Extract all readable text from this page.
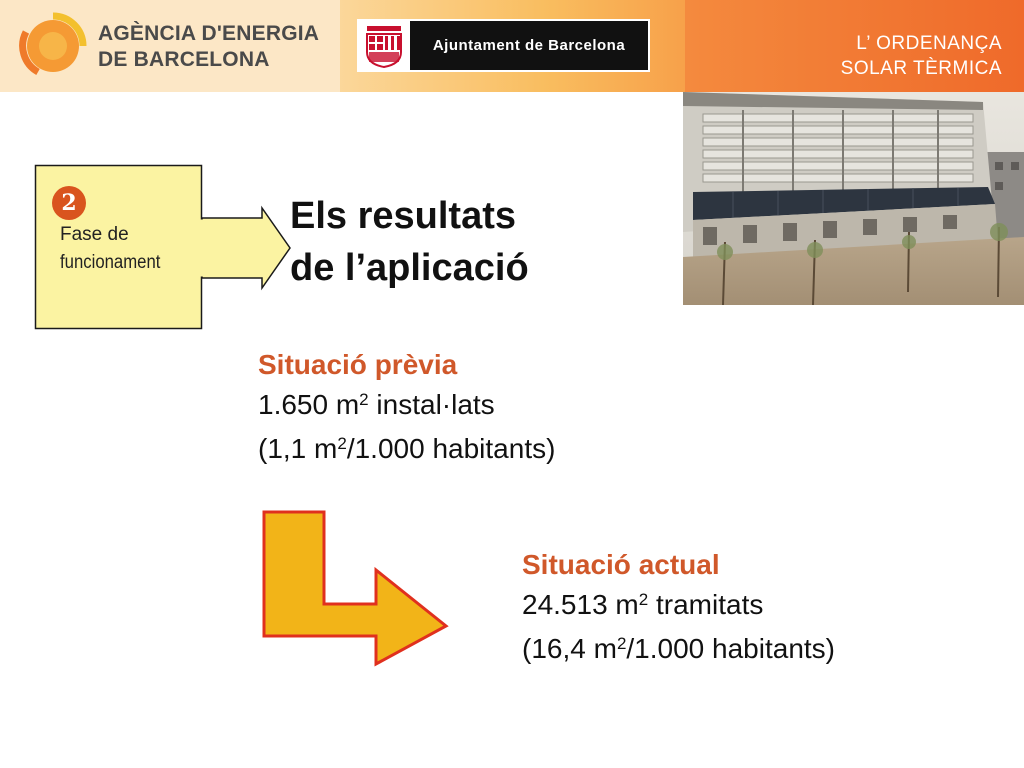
AGÈNCIA D'ENERGIA
DE BARCELONA
Ajuntament de Barcelona	L’ ORDENANÇA
SOLAR TÈRMICA
2
Fase de
funcionament
Els resultats
de l’aplicació
Situació prèvia
1.650 $m^2$ instal·lats
(1,1 $m^2/1.000$ habitants)
Situació actual
24.513 $m^2$ tramitats
(16,4 $m^2/1.000$ habitants)
